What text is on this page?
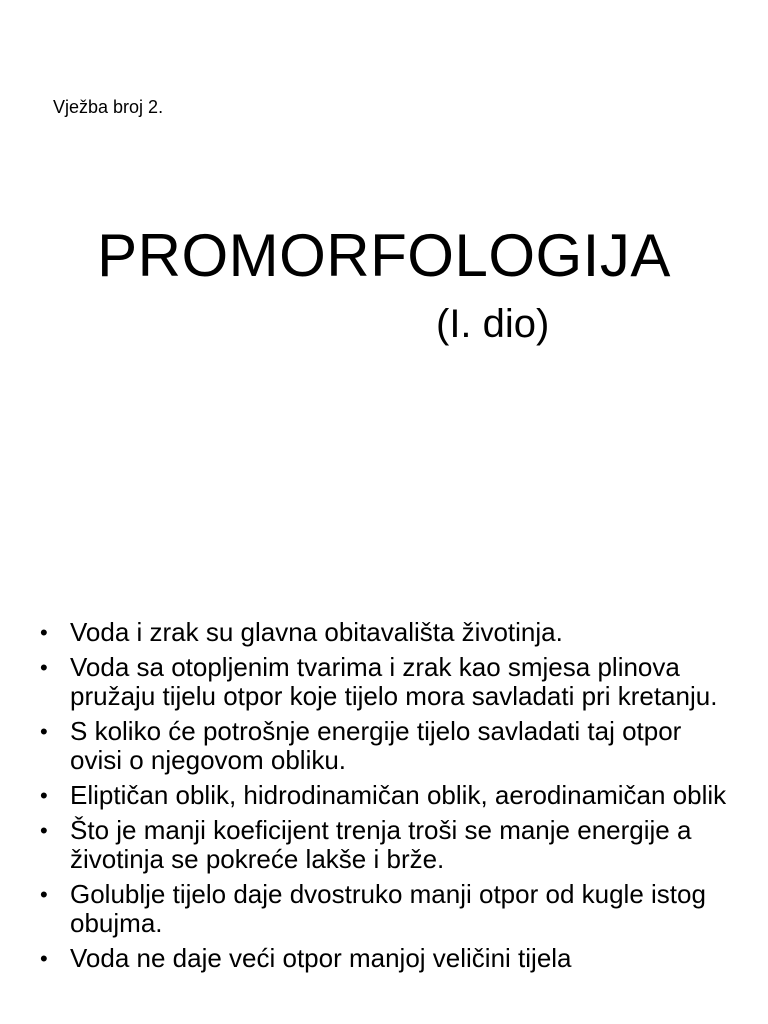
Vježba broj 2.
PROMORFOLOGIJA
(I. dio)
• Voda i zrak su glavna obitavališta životinja.
• Voda sa otopljenim tvarima i zrak kao smjesa plinova pružaju tijelu otpor koje tijelo mora savladati pri kretanju.
• S koliko će potrošnje energije tijelo savladati taj otpor ovisi o njegovom obliku.
• Eliptičan oblik, hidrodinamičan oblik, aerodinamičan oblik
• Što je manji koeficijent trenja troši se manje energije a životinja se pokreće lakše i brže.
• Golublje tijelo daje dvostruko manji otpor od kugle istog obujma.
• Voda ne daje veći otpor manjoj veličini tijela
